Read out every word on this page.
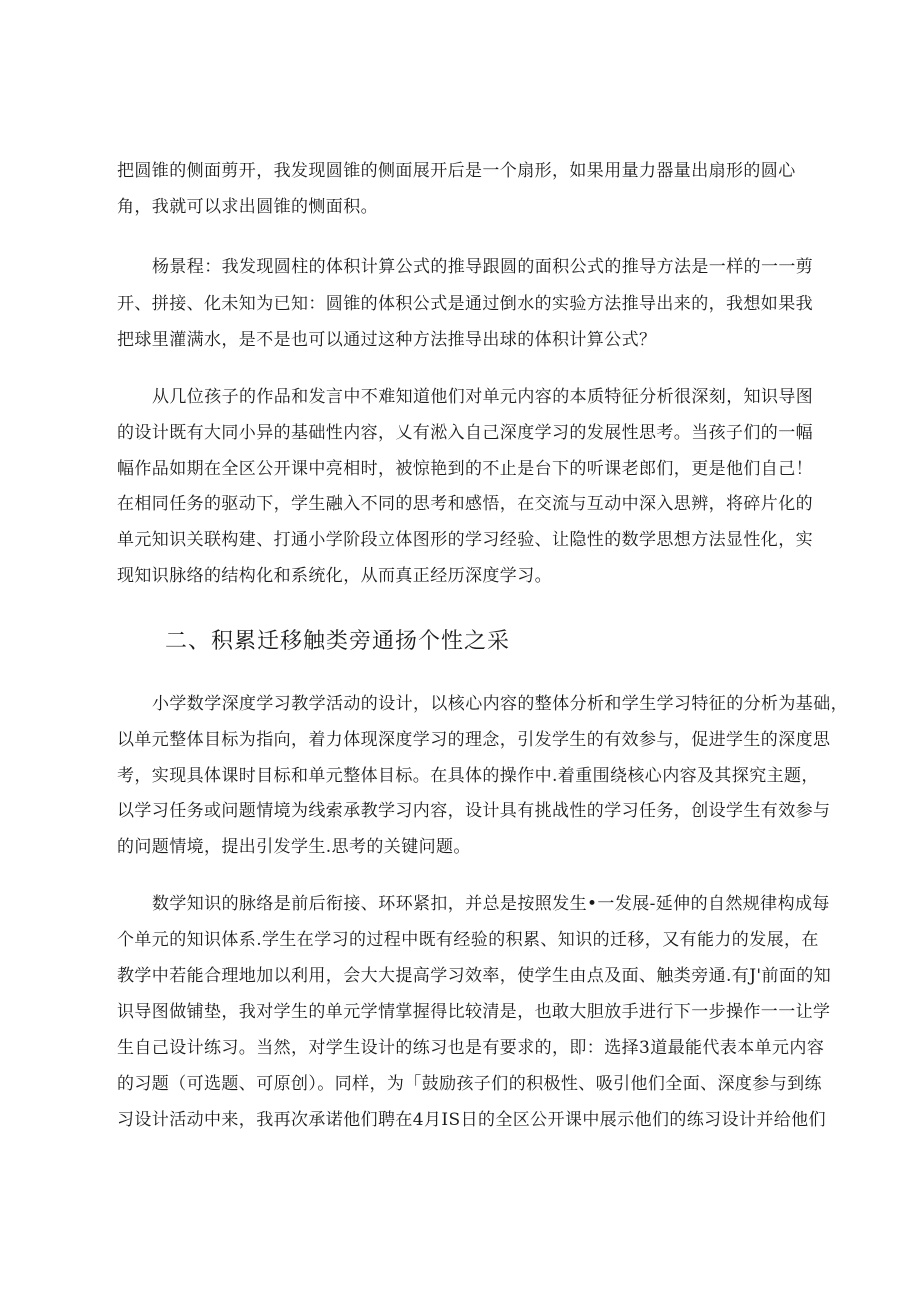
把圆锥的侧面剪开，我发现圆锥的侧面展开后是一个扇形，如果用量力器量出扇形的圆心
角，我就可以求出圆锥的恻面积。
杨景程：我发现圆柱的体积计算公式的推导跟圆的面积公式的推导方法是一样的一一剪
开、拼接、化未知为已知：圆锥的体积公式是通过倒水的实验方法推导出来的，我想如果我
把球里灌满水，是不是也可以通过这种方法推导出球的体积计算公式？
从几位孩子的作品和发言中不难知道他们对单元内容的本质特征分析很深刻，知识导图
的设计既有大同小异的基础性内容，乂有淞入自己深度学习的发展性思考。当孩子们的一幅
幅作品如期在全区公开课中亮相时，被惊艳到的不止是台下的听课老郎们，更是他们自己！
在相同任务的驱动下，学生融入不同的思考和感悟，在交流与互动中深入思辨，将碎片化的
单元知识关联构建、打通小学阶段立体图形的学习经验、让隐性的数学思想方法显性化，实
现知识脉络的结构化和系统化，从而真正经历深度学习。
二、积累迁移触类旁通扬个性之采
小学数学深度学习教学活动的设计，以核心内容的整体分析和学生学习特征的分析为基础，
以单元整体目标为指向，着力体现深度学习的理念，引发学生的有效参与，促进学生的深度思
考，实现具体课时目标和单元整体目标。在具体的操作中.着重围绕核心内容及其探究主题，
以学习任务或问题情境为线索承教学习内容，设计具有挑战性的学习任务，创设学生有效参与
的问题情境，提出引发学生.思考的关键问题。
数学知识的脉络是前后衔接、环环紧扣，并总是按照发生•一发展-延伸的自然规律构成每
个单元的知识体系.学生在学习的过程中既有经验的积累、知识的迁移，又有能力的发展，在
教学中若能合理地加以利用，会大大提高学习效率，使学生由点及面、触类旁通.有J'前面的知
识导图做铺垫，我对学生的单元学情掌握得比较清是，也敢大胆放手进行下一步操作一一让学
生自己设计练习。当然，对学生设计的练习也是有要求的，即：选择3道最能代表本单元内容
的习题（可选题、可原创）。同样，为「鼓励孩子们的积极性、吸引他们全面、深度参与到练
习设计活动中来，我再次承诺他们聘在4月IS日的全区公开课中展示他们的练习设计并给他们
